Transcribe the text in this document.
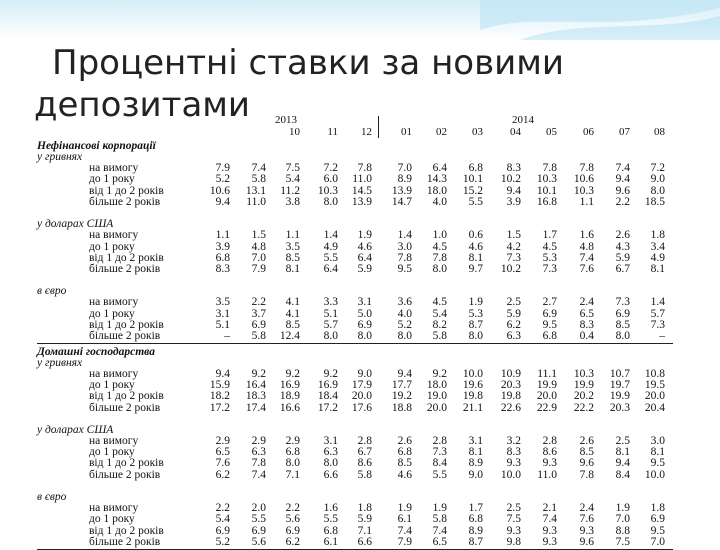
Процентні ставки за новими
депозитами	2013	2014
10	11	12	01	02	03	04	05	06	07	08
Нефінансові корпорації
у гривнях
на вимогу	7.9	7.4	7.5	7.2	7.8	7.0	6.4	6.8	8.3	7.8	7.8	7.4	7.2
до 1 року	5.2	5.8	5.4	6.0	11.0	8.9	14.3	10.1	10.2	10.3	10.6	9.4	9.0
від 1 до 2 років	10.6	13.1	11.2	10.3	14.5	13.9	18.0	15.2	9.4	10.1	10.3	9.6	8.0
більше 2 років	9.4	11.0	3.8	8.0	13.9	14.7	4.0	5.5	3.9	16.8	1.1	2.2	18.5
у доларах США
на вимогу	1.1	1.5	1.1	1.4	1.9	1.4	1.0	0.6	1.5	1.7	1.6	2.6	1.8
до 1 року	3.9	4.8	3.5	4.9	4.6	3.0	4.5	4.6	4.2	4.5	4.8	4.3	3.4
від 1 до 2 років	6.8	7.0	8.5	5.5	6.4	7.8	7.8	8.1	7.3	5.3	7.4	5.9	4.9
більше 2 років	8.3	7.9	8.1	6.4	5.9	9.5	8.0	9.7	10.2	7.3	7.6	6.7	8.1
в євро
на вимогу	3.5	2.2	4.1	3.3	3.1	3.6	4.5	1.9	2.5	2.7	2.4	7.3	1.4
до 1 року	3.1	3.7	4.1	5.1	5.0	4.0	5.4	5.3	5.9	6.9	6.5	6.9	5.7
від 1 до 2 років	5.1	6.9	8.5	5.7	6.9	5.2	8.2	8.7	6.2	9.5	8.3	8.5	7.3
більше 2 років	–	5.8	12.4	8.0	8.0	8.0	5.8	8.0	6.3	6.8	0.4	8.0	–
Домашні господарства
у гривнях
на вимогу	9.4	9.2	9.2	9.2	9.0	9.4	9.2	10.0	10.9	11.1	10.3	10.7	10.8
до 1 року	15.9	16.4	16.9	16.9	17.9	17.7	18.0	19.6	20.3	19.9	19.9	19.7	19.5
від 1 до 2 років	18.2	18.3	18.9	18.4	20.0	19.2	19.0	19.8	19.8	20.0	20.2	19.9	20.0
більше 2 років	17.2	17.4	16.6	17.2	17.6	18.8	20.0	21.1	22.6	22.9	22.2	20.3	20.4
у доларах США
на вимогу	2.9	2.9	2.9	3.1	2.8	2.6	2.8	3.1	3.2	2.8	2.6	2.5	3.0
до 1 року	6.5	6.3	6.8	6.3	6.7	6.8	7.3	8.1	8.3	8.6	8.5	8.1	8.1
від 1 до 2 років	7.6	7.8	8.0	8.0	8.6	8.5	8.4	8.9	9.3	9.3	9.6	9.4	9.5
більше 2 років	6.2	7.4	7.1	6.6	5.8	4.6	5.5	9.0	10.0	11.0	7.8	8.4	10.0
в євро
на вимогу	2.2	2.0	2.2	1.6	1.8	1.9	1.9	1.7	2.5	2.1	2.4	1.9	1.8
до 1 року	5.4	5.5	5.6	5.5	5.9	6.1	5.8	6.8	7.5	7.4	7.6	7.0	6.9
від 1 до 2 років	6.9	6.9	6.9	6.8	7.1	7.4	7.4	8.9	9.3	9.3	9.3	8.8	9.5
більше 2 років	5.2	5.6	6.2	6.1	6.6	7.9	6.5	8.7	9.8	9.3	9.6	7.5	7.0
